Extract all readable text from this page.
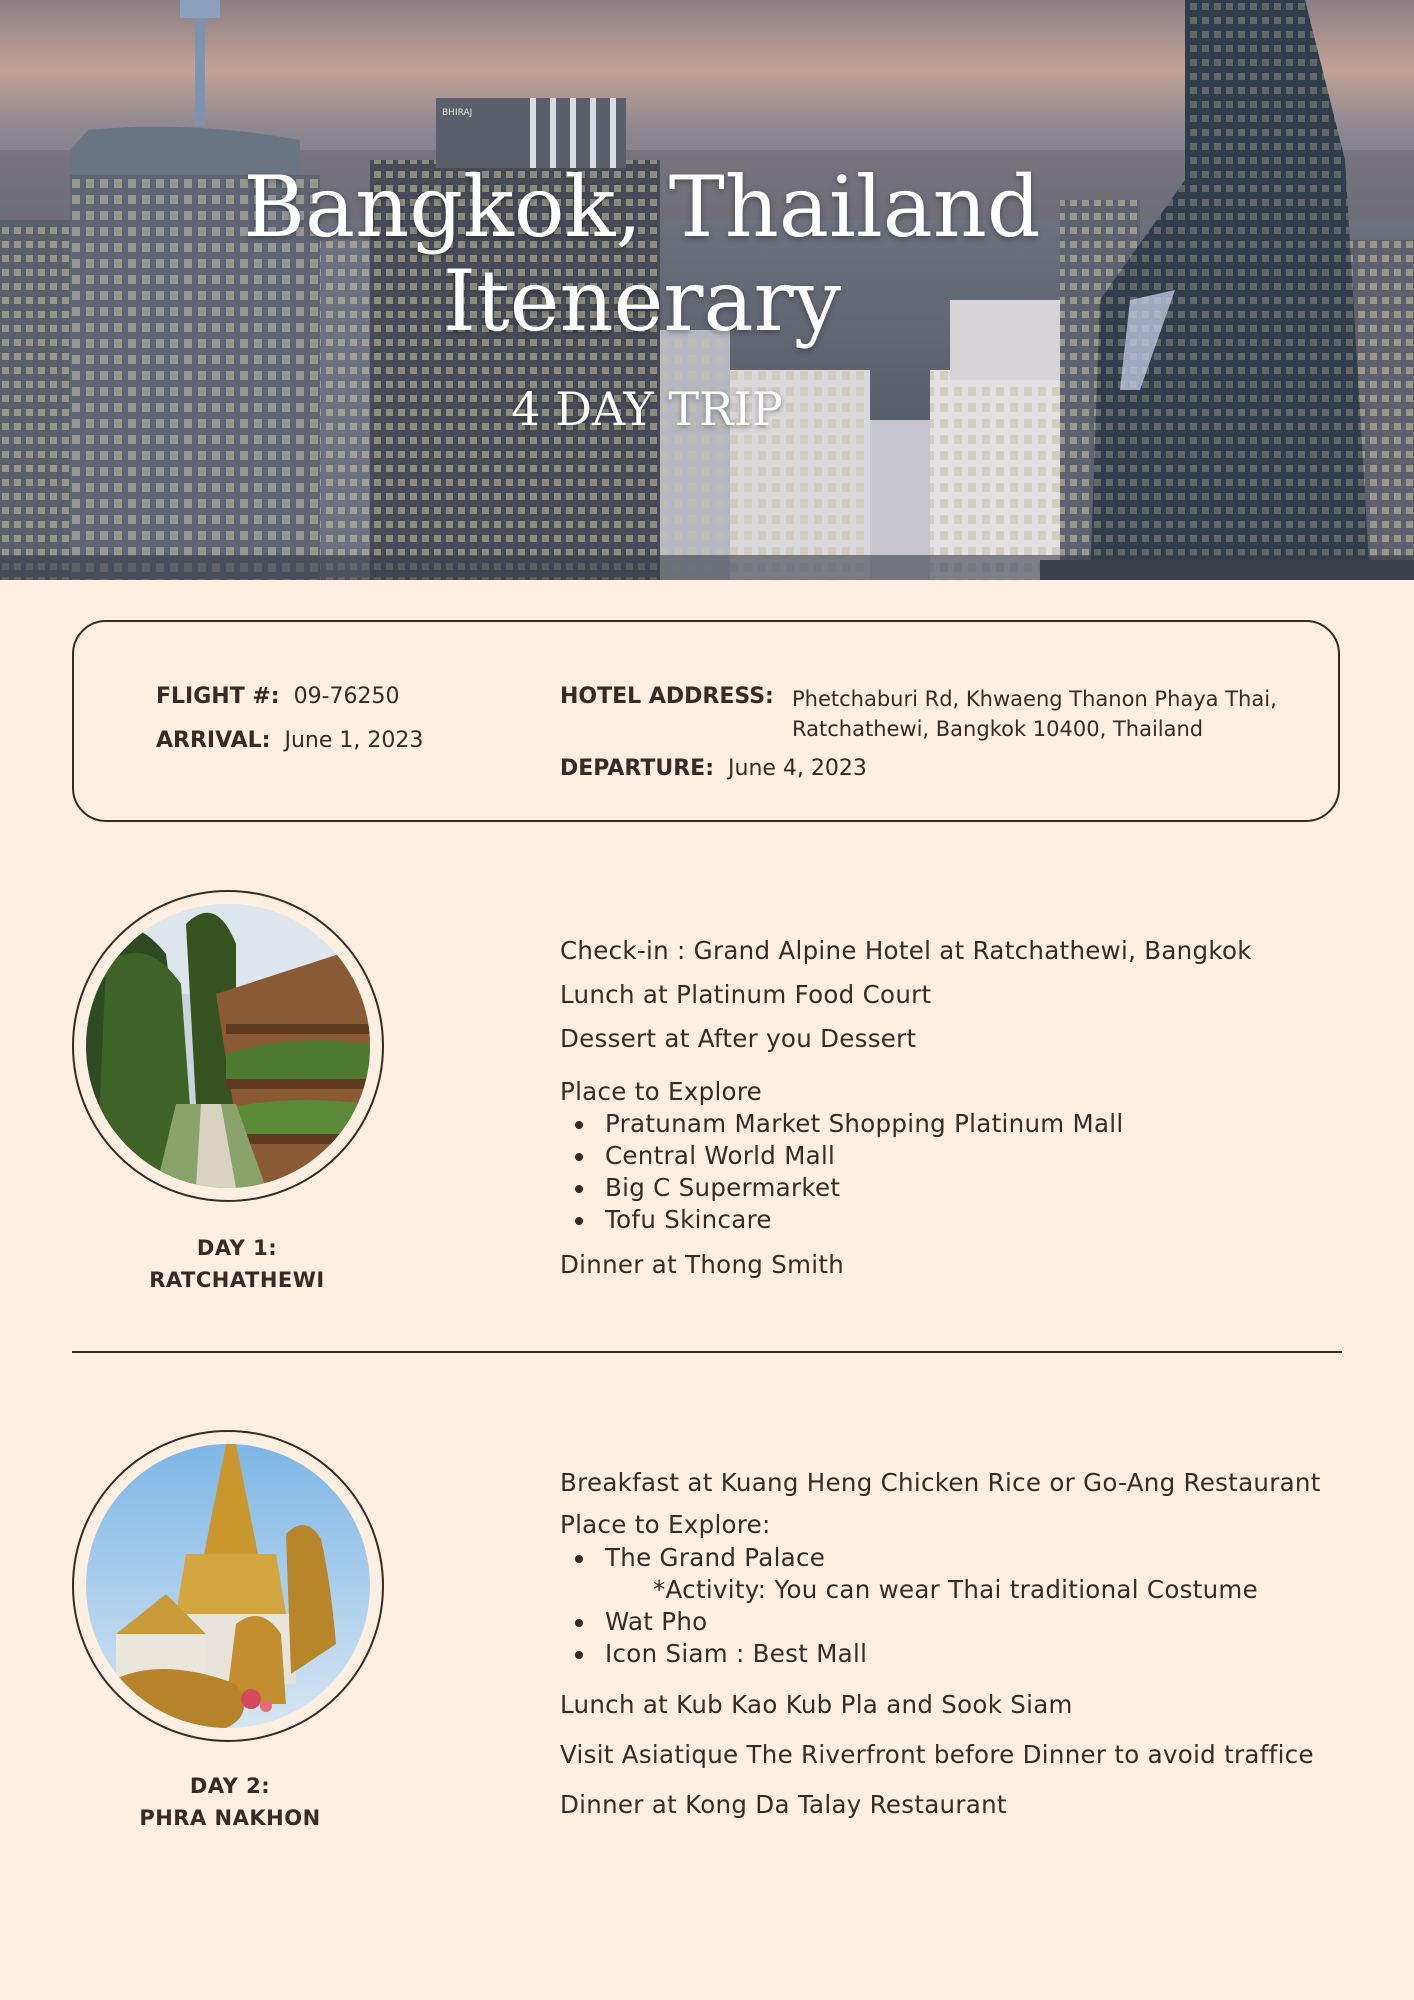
BHIRAJ
Bangkok, Thailand
Itenerary
4 DAY TRIP
FLIGHT #: 09-76250
ARRIVAL: June 1, 2023
HOTEL ADDRESS: Phetchaburi Rd, Khwaeng Thanon Phaya Thai,
Ratchathewi, Bangkok 10400, Thailand
DEPARTURE: June 4, 2023
DAY 1:
RATCHATHEWI
Check-in : Grand Alpine Hotel at Ratchathewi, Bangkok
Lunch at Platinum Food Court
Dessert at After you Dessert
Place to Explore
Pratunam Market Shopping Platinum Mall
Central World Mall
Big C Supermarket
Tofu Skincare
Dinner at Thong Smith
DAY 2:
PHRA NAKHON
Breakfast at Kuang Heng Chicken Rice or Go-Ang Restaurant
Place to Explore:
The Grand Palace
*Activity: You can wear Thai traditional Costume
Wat Pho
Icon Siam : Best Mall
Lunch at Kub Kao Kub Pla and Sook Siam
Visit Asiatique The Riverfront before Dinner to avoid traffice
Dinner at Kong Da Talay Restaurant
